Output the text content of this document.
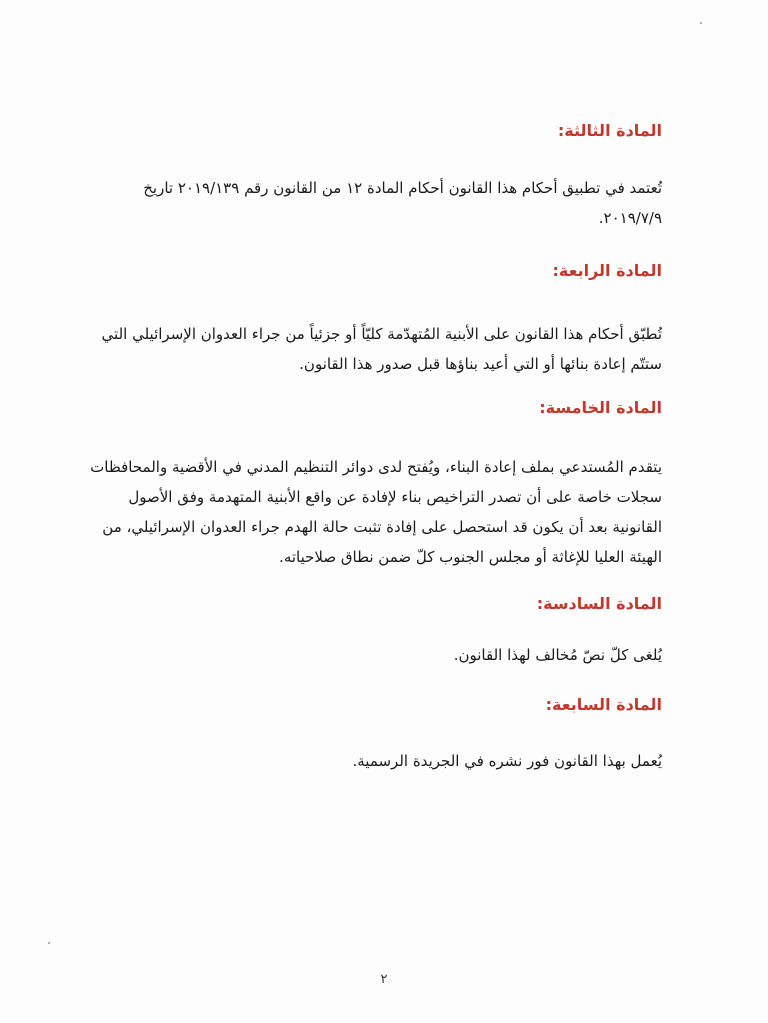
المادة الثالثة:

تُعتمد في تطبيق أحكام هذا القانون أحكام المادة ١٢ من القانون رقم ٢٠١٩/١٣٩ تاريخ

٢٠١٩/٧/٩.

المادة الرابعة:

تُطبّق أحكام هذا القانون على الأبنية المُتهدّمة كليّاً أو جزئياً من جراء العدوان الإسرائيلي التي

ستتّم إعادة بنائها أو التي أعيد بناؤها قبل صدور هذا القانون.

المادة الخامسة:

يتقدم المُستدعي بملف إعادة البناء، ويُفتح لدى دوائر التنظيم المدني في الأقضية والمحافظات

سجلات خاصة على أن تصدر التراخيص بناء لإفادة عن واقع الأبنية المتهدمة وفق الأصول

القانونية بعد أن يكون قد استحصل على إفادة تثبت حالة الهدم جراء العدوان الإسرائيلي، من

الهيئة العليا للإغاثة أو مجلس الجنوب كلّ ضمن نطاق صلاحياته.

المادة السادسة:

يُلغى كلّ نصّ مُخالف لهذا القانون.

المادة السابعة:

يُعمل بهذا القانون فور نشره في الجريدة الرسمية.

٢
